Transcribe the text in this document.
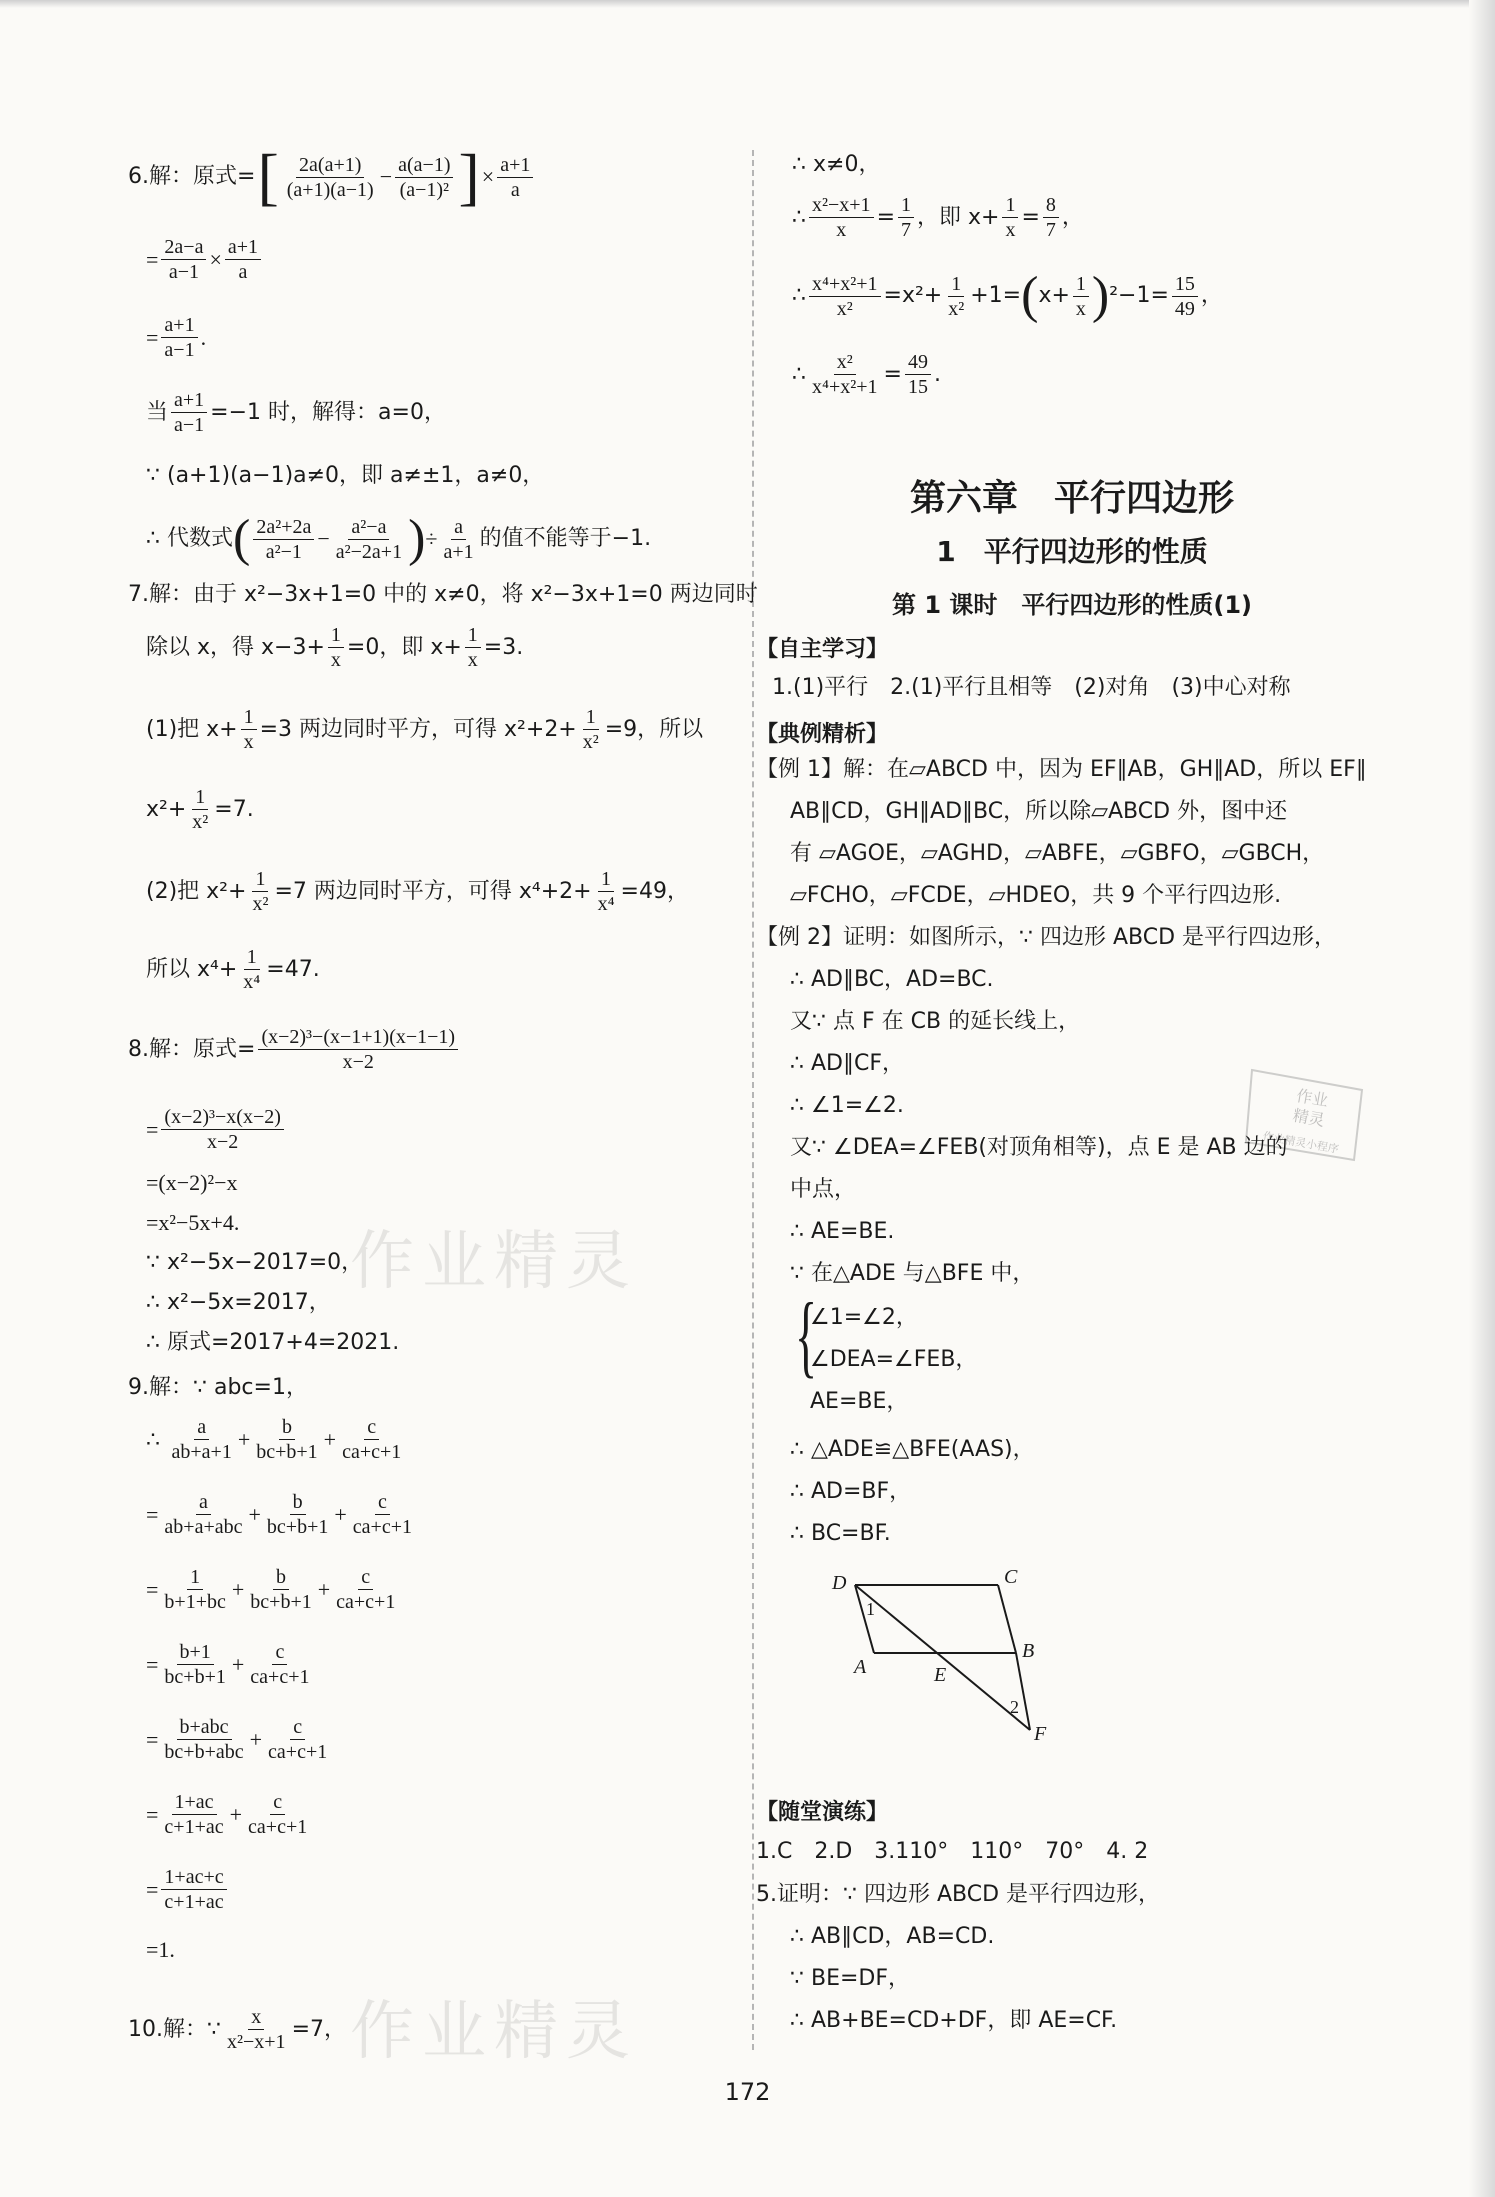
作业精灵
作业精灵
作业
精灵
作业精灵小程序
6.解：原式= [ $\frac{2a(a+1)}{(a+1)(a-1)} - \frac{a(a-1)}{\text{(a−1)²}}$ ] × $\frac{a+1}{a}$
= $\frac{2a-a}{a-1} \times \frac{a+1}{a}$
= $\frac{a+1}{a-1}$ .
当 $\frac{a+1}{a-1} =-1$ 时，解得：a=0，
∵ (a+1)(a−1)a≠0，即 a≠±1，a≠0，
∴ 代数式 ( $\frac{\text{2a²+2a}}{\text{a²−1}} - \frac{\text{a²−a}}{\text{a²−2a+1}}$ ) ÷ $\frac{a}{a+1}$ 的值不能等于−1.
7.解：由于 x²−3x+1=0 中的 x≠0，将 x²−3x+1=0 两边同时
除以 x，得 $x-3+ \frac{1}{x} =0$，即 $x+ \frac{1}{x} =3$.
(1)把 $x+ \frac{1}{x} =3$ 两边同时平方，可得 $x^2+2+ \frac{1}{\text{x²}} =9$，所以
$x^2+ \frac{1}{\text{x²}} =7$.
(2)把 $x^2+ \frac{1}{\text{x²}} =7$ 两边同时平方，可得 $x^4+2+ \frac{1}{\text{x⁴}} =49$，
所以 $x^4+ \frac{1}{\text{x⁴}} =47$.
8.解：原式= $\frac{\text{(x−2)³−(x−1+1)(x−1−1)}}{x-2}$
= $\frac{\text{(x−2)³−x(x−2)}}{x-2}$
=(x−2)²−x
=x²−5x+4.
∵ x²−5x−2017=0，
∴ x²−5x=2017，
∴ 原式=2017+4=2021.
9.解：∵ abc=1，
∴
$\frac{a}{ab+a+1} + \frac{b}{bc+b+1} + \frac{c}{ca+c+1}$
= $\frac{a}{\text{ab+a+abc}} + \frac{b}{bc+b+1} + \frac{c}{ca+c+1}$
= $\frac{1}{b+1+bc} + \frac{b}{bc+b+1} + \frac{c}{ca+c+1}$
= $\frac{b+1}{bc+b+1} + \frac{c}{ca+c+1}$
= $\frac{\text{b+abc}}{\text{bc+b+abc}} + \frac{c}{ca+c+1}$
= $\frac{1+ac}{c+1+ac} + \frac{c}{ca+c+1}$
= $\frac{1+ac+c}{c+1+ac}$
=1.
10.解：∵ $\frac{x}{\text{x²−x+1}} =7$，
∴ x≠0，
∴ $\frac{\text{x²−x+1}}{x} = \frac{1}{7}$ ，即 $x+ \frac{1}{x} = \frac{8}{7}$ ，
∴ $\frac{\text{x⁴+x²+1}}{\text{x²}} =x^2+ \frac{1}{\text{x²}} +1=$ ( $x+ \frac{1}{x}$ ) $^2-1= \frac{15}{49}$ ，
∴ $\frac{\text{x²}}{\text{x⁴+x²+1}} = \frac{49}{15}$ .
第六章　平行四边形
1　平行四边形的性质
第 1 课时　平行四边形的性质(1)
【自主学习】
1.(1)平行　2.(1)平行且相等　(2)对角　(3)中心对称
【典例精析】
【例 1】解：在▱ABCD 中，因为 EF∥AB，GH∥AD，所以 EF∥
AB∥CD，GH∥AD∥BC，所以除▱ABCD 外，图中还
有 ▱AGOE，▱AGHD，▱ABFE，▱GBFO，▱GBCH，
▱FCHO，▱FCDE，▱HDEO，共 9 个平行四边形.
【例 2】证明：如图所示，∵ 四边形 ABCD 是平行四边形，
∴ AD∥BC，AD=BC.
又∵ 点 F 在 CB 的延长线上，
∴ AD∥CF，
∴ ∠1=∠2.
又∵ ∠DEA=∠FEB(对顶角相等)，点 E 是 AB 边的
中点，
∴ AE=BE.
∵ 在△ADE 与△BFE 中，
{
∠1=∠2，
∠DEA=∠FEB，
AE=BE，
∴ △ADE≌△BFE(AAS)，
∴ AD=BF，
∴ BC=BF.
D	C
A
B
E
F
1
2
【随堂演练】
1.C　2.D　3.110°　110°　70°　4. 2
5.证明：∵ 四边形 ABCD 是平行四边形，
∴ AB∥CD，AB=CD.
∵ BE=DF，
∴ AB+BE=CD+DF，即 AE=CF.
172
